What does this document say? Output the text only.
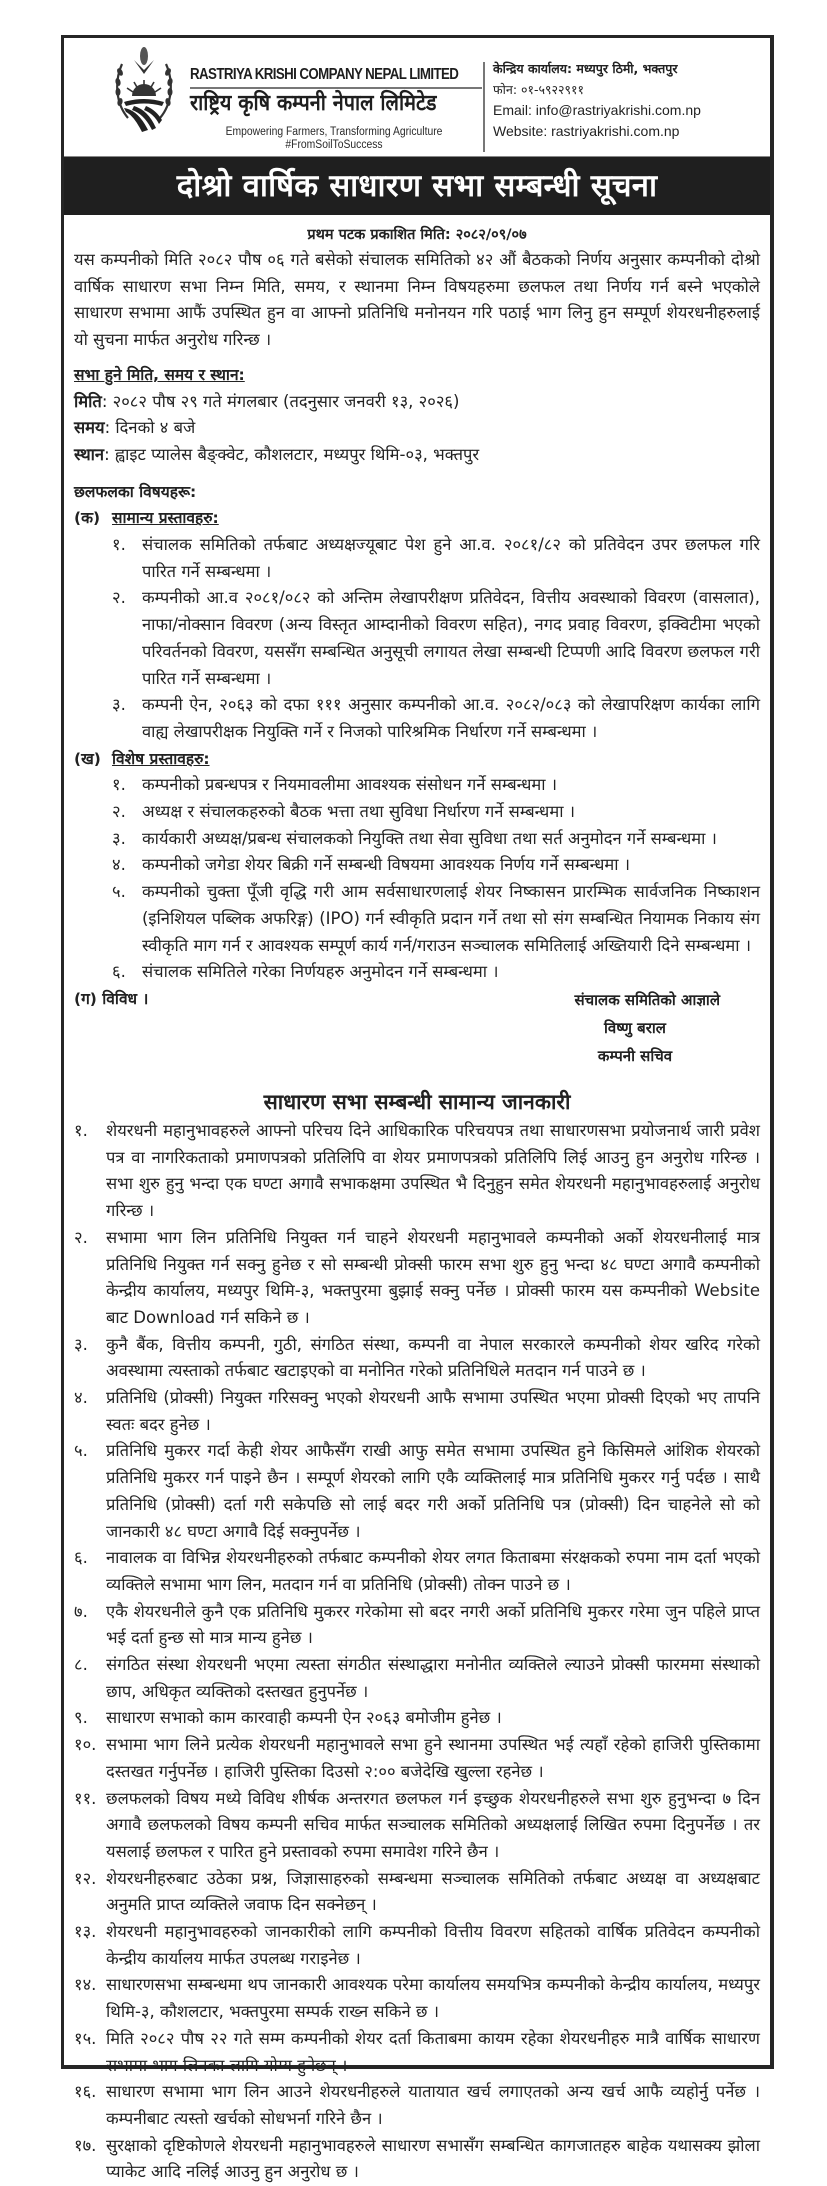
RASTRIYA KRISHI COMPANY NEPAL LIMITED
राष्ट्रिय कृषि कम्पनी नेपाल लिमिटेड
Empowering Farmers, Transforming Agriculture
#FromSoilToSuccess
केन्द्रिय कार्यालय: मध्यपुर ठिमी, भक्तपुर
फोन: ०१-५९२२९११
Email: info@rastriyakrishi.com.np
Website: rastriyakrishi.com.np
दोश्रो वार्षिक साधारण सभा सम्बन्धी सूचना
प्रथम पटक प्रकाशित मिति: २०८२/०९/०७
यस कम्पनीको मिति २०८२ पौष ०६ गते बसेको संचालक समितिको ४२ औं बैठकको निर्णय अनुसार कम्पनीको दोश्रो वार्षिक साधारण सभा निम्न मिति, समय, र स्थानमा निम्न विषयहरुमा छलफल तथा निर्णय गर्न बस्ने भएकोले साधारण सभामा आफैं उपस्थित हुन वा आफ्नो प्रतिनिधि मनोनयन गरि पठाई भाग लिनु हुन सम्पूर्ण शेयरधनीहरुलाई यो सुचना मार्फत अनुरोध गरिन्छ ।
सभा हुने मिति, समय र स्थान:
मिति: २०८२ पौष २९ गते मंगलबार (तदनुसार जनवरी १३, २०२६)
समय: दिनको ४ बजे
स्थान: ह्वाइट प्यालेस बैङ्क्वेट, कौशलटार, मध्यपुर थिमि-०३, भक्तपुर
छलफलका विषयहरू:
(क) सामान्य प्रस्तावहरु:
१. संचालक समितिको तर्फबाट अध्यक्षज्यूबाट पेश हुने आ.व. २०८१/८२ को प्रतिवेदन उपर छलफल गरि पारित गर्ने सम्बन्धमा ।
२. कम्पनीको आ.व २०८१/०८२ को अन्तिम लेखापरीक्षण प्रतिवेदन, वित्तीय अवस्थाको विवरण (वासलात), नाफा/नोक्सान विवरण (अन्य विस्तृत आम्दानीको विवरण सहित), नगद प्रवाह विवरण, इक्विटीमा भएको परिवर्तनको विवरण, यससँग सम्बन्धित अनुसूची लगायत लेखा सम्बन्धी टिप्पणी आदि विवरण छलफल गरी पारित गर्ने सम्बन्धमा ।
३. कम्पनी ऐन, २०६३ को दफा १११ अनुसार कम्पनीको आ.व. २०८२/०८३ को लेखापरिक्षण कार्यका लागि वाह्य लेखापरीक्षक नियुक्ति गर्ने र निजको पारिश्रमिक निर्धारण गर्ने सम्बन्धमा ।
(ख) विशेष प्रस्तावहरु:
१. कम्पनीको प्रबन्धपत्र र नियमावलीमा आवश्यक संसोधन गर्ने सम्बन्धमा ।
२. अध्यक्ष र संचालकहरुको बैठक भत्ता तथा सुविधा निर्धारण गर्ने सम्बन्धमा ।
३. कार्यकारी अध्यक्ष/प्रबन्ध संचालकको नियुक्ति तथा सेवा सुविधा तथा सर्त अनुमोदन गर्ने सम्बन्धमा ।
४. कम्पनीको जगेडा शेयर बिक्री गर्ने सम्बन्धी विषयमा आवश्यक निर्णय गर्ने सम्बन्धमा ।
५. कम्पनीको चुक्ता पूँजी वृद्धि गरी आम सर्वसाधारणलाई शेयर निष्कासन प्रारम्भिक सार्वजनिक निष्काशन (इनिशियल पब्लिक अफरिङ्ग) (IPO) गर्न स्वीकृति प्रदान गर्ने तथा सो संग सम्बन्धित नियामक निकाय संग स्वीकृति माग गर्न र आवश्यक सम्पूर्ण कार्य गर्न/गराउन सञ्चालक समितिलाई अख्तियारी दिने सम्बन्धमा ।
६. संचालक समितिले गरेका निर्णयहरु अनुमोदन गर्ने सम्बन्धमा ।
(ग) विविध ।	संचालक समितिको आज्ञाले
विष्णु बराल
कम्पनी सचिव
साधारण सभा सम्बन्धी सामान्य जानकारी
१.	शेयरधनी महानुभावहरुले आफ्नो परिचय दिने आधिकारिक परिचयपत्र तथा साधारणसभा प्रयोजनार्थ जारी प्रवेश पत्र वा नागरिकताको प्रमाणपत्रको प्रतिलिपि वा शेयर प्रमाणपत्रको प्रतिलिपि लिई आउनु हुन अनुरोध गरिन्छ । सभा शुरु हुनु भन्दा एक घण्टा अगावै सभाकक्षमा उपस्थित भै दिनुहुन समेत शेयरधनी महानुभावहरुलाई अनुरोध गरिन्छ ।
२.	सभामा भाग लिन प्रतिनिधि नियुक्त गर्न चाहने शेयरधनी महानुभावले कम्पनीको अर्को शेयरधनीलाई मात्र प्रतिनिधि नियुक्त गर्न सक्नु हुनेछ र सो सम्बन्धी प्रोक्सी फारम सभा शुरु हुनु भन्दा ४८ घण्टा अगावै कम्पनीको केन्द्रीय कार्यालय, मध्यपुर थिमि-३, भक्तपुरमा बुझाई सक्नु पर्नेछ । प्रोक्सी फारम यस कम्पनीको Website बाट Download गर्न सकिने छ ।
३.	कुनै बैंक, वित्तीय कम्पनी, गुठी, संगठित संस्था, कम्पनी वा नेपाल सरकारले कम्पनीको शेयर खरिद गरेको अवस्थामा त्यस्ताको तर्फबाट खटाइएको वा मनोनित गरेको प्रतिनिधिले मतदान गर्न पाउने छ ।
४.	प्रतिनिधि (प्रोक्सी) नियुक्त गरिसक्नु भएको शेयरधनी आफै सभामा उपस्थित भएमा प्रोक्सी दिएको भए तापनि स्वतः बदर हुनेछ ।
५.	प्रतिनिधि मुकरर गर्दा केही शेयर आफैसँग राखी आफु समेत सभामा उपस्थित हुने किसिमले आंशिक शेयरको प्रतिनिधि मुकरर गर्न पाइने छैन । सम्पूर्ण शेयरको लागि एकै व्यक्तिलाई मात्र प्रतिनिधि मुकरर गर्नु पर्दछ । साथै प्रतिनिधि (प्रोक्सी) दर्ता गरी सकेपछि सो लाई बदर गरी अर्को प्रतिनिधि पत्र (प्रोक्सी) दिन चाहनेले सो को जानकारी ४८ घण्टा अगावै दिई सक्नुपर्नेछ ।
६.	नावालक वा विभिन्न शेयरधनीहरुको तर्फबाट कम्पनीको शेयर लगत किताबमा संरक्षकको रुपमा नाम दर्ता भएको व्यक्तिले सभामा भाग लिन, मतदान गर्न वा प्रतिनिधि (प्रोक्सी) तोक्न पाउने छ ।
७.	एकै शेयरधनीले कुनै एक प्रतिनिधि मुकरर गरेकोमा सो बदर नगरी अर्को प्रतिनिधि मुकरर गरेमा जुन पहिले प्राप्त भई दर्ता हुन्छ सो मात्र मान्य हुनेछ ।
८.	संगठित संस्था शेयरधनी भएमा त्यस्ता संगठीत संस्थाद्धारा मनोनीत व्यक्तिले ल्याउने प्रोक्सी फारममा संस्थाको छाप, अधिकृत व्यक्तिको दस्तखत हुनुपर्नेछ ।
९.	साधारण सभाको काम कारवाही कम्पनी ऐन २०६३ बमोजीम हुनेछ ।
१०. सभामा भाग लिने प्रत्येक शेयरधनी महानुभावले सभा हुने स्थानमा उपस्थित भई त्यहाँ रहेको हाजिरी पुस्तिकामा दस्तखत गर्नुपर्नेछ । हाजिरी पुस्तिका दिउसो २:०० बजेदेखि खुल्ला रहनेछ ।
११. छलफलको विषय मध्ये विविध शीर्षक अन्तरगत छलफल गर्न इच्छुक शेयरधनीहरुले सभा शुरु हुनुभन्दा ७ दिन अगावै छलफलको विषय कम्पनी सचिव मार्फत सञ्चालक समितिको अध्यक्षलाई लिखित रुपमा दिनुपर्नेछ । तर यसलाई छलफल र पारित हुने प्रस्तावको रुपमा समावेश गरिने छैन ।
१२. शेयरधनीहरुबाट उठेका प्रश्न, जिज्ञासाहरुको सम्बन्धमा सञ्चालक समितिको तर्फबाट अध्यक्ष वा अध्यक्षबाट अनुमति प्राप्त व्यक्तिले जवाफ दिन सक्नेछन् ।
१३. शेयरधनी महानुभावहरुको जानकारीको लागि कम्पनीको वित्तीय विवरण सहितको वार्षिक प्रतिवेदन कम्पनीको केन्द्रीय कार्यालय मार्फत उपलब्ध गराइनेछ ।
१४. साधारणसभा सम्बन्धमा थप जानकारी आवश्यक परेमा कार्यालय समयभित्र कम्पनीको केन्द्रीय कार्यालय, मध्यपुर थिमि-३, कौशलटार, भक्तपुरमा सम्पर्क राख्न सकिने छ ।
१५. मिति २०८२ पौष २२ गते सम्म कम्पनीको शेयर दर्ता किताबमा कायम रहेका शेयरधनीहरु मात्रै वार्षिक साधारण सभामा भाग लिनका लागि योग्य हुनेछन् ।
१६. साधारण सभामा भाग लिन आउने शेयरधनीहरुले यातायात खर्च लगाएतको अन्य खर्च आफै व्यहोर्नु पर्नेछ । कम्पनीबाट त्यस्तो खर्चको सोधभर्ना गरिने छैन ।
१७. सुरक्षाको दृष्टिकोणले शेयरधनी महानुभावहरुले साधारण सभासँग सम्बन्धित कागजातहरु बाहेक यथासक्य झोला प्याकेट आदि नलिई आउनु हुन अनुरोध छ ।
